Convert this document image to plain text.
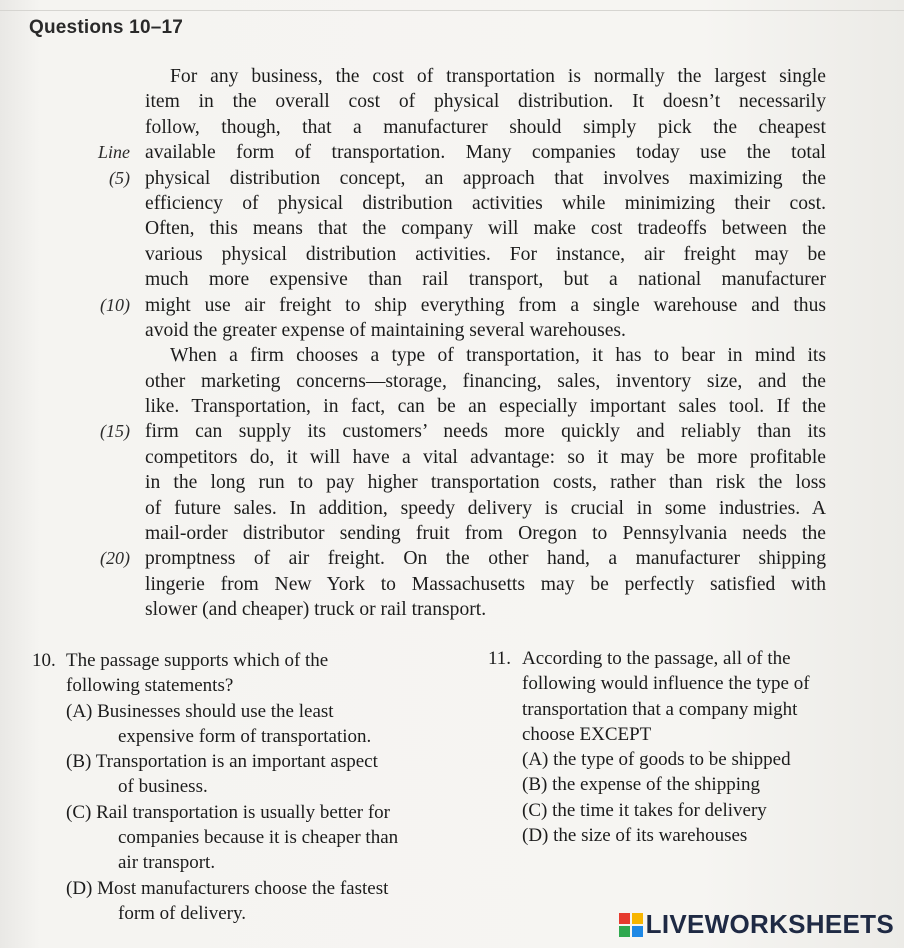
Questions 10–17
For any business, the cost of transportation is normally the largest single
item in the overall cost of physical distribution. It doesn’t necessarily
follow, though, that a manufacturer should simply pick the cheapest
Line available form of transportation. Many companies today use the total
(5) physical distribution concept, an approach that involves maximizing the
efficiency of physical distribution activities while minimizing their cost.
Often, this means that the company will make cost tradeoffs between the
various physical distribution activities. For instance, air freight may be
much more expensive than rail transport, but a national manufacturer
(10) might use air freight to ship everything from a single warehouse and thus
avoid the greater expense of maintaining several warehouses.
When a firm chooses a type of transportation, it has to bear in mind its
other marketing concerns—storage, financing, sales, inventory size, and the
like. Transportation, in fact, can be an especially important sales tool. If the
(15) firm can supply its customers’ needs more quickly and reliably than its
competitors do, it will have a vital advantage: so it may be more profitable
in the long run to pay higher transportation costs, rather than risk the loss
of future sales. In addition, speedy delivery is crucial in some industries. A
mail-order distributor sending fruit from Oregon to Pennsylvania needs the
(20) promptness of air freight. On the other hand, a manufacturer shipping
lingerie from New York to Massachusetts may be perfectly satisfied with
slower (and cheaper) truck or rail transport.
10. The passage supports which of the
following statements?
(A) Businesses should use the least
expensive form of transportation.
(B) Transportation is an important aspect
of business.
(C) Rail transportation is usually better for
companies because it is cheaper than
air transport.
(D) Most manufacturers choose the fastest
form of delivery.
11. According to the passage, all of the
following would influence the type of
transportation that a company might
choose EXCEPT
(A) the type of goods to be shipped
(B) the expense of the shipping
(C) the time it takes for delivery
(D) the size of its warehouses
LIVEWORKSHEETS
